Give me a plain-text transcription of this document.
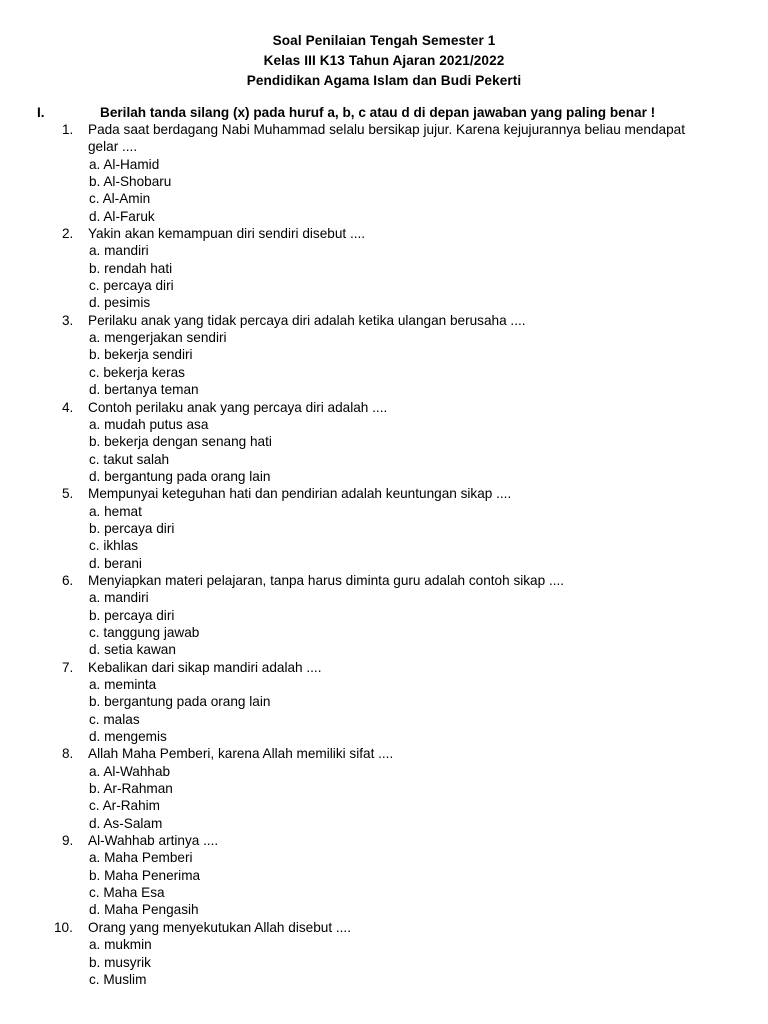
Soal Penilaian Tengah Semester 1
Kelas III K13 Tahun Ajaran 2021/2022
Pendidikan Agama Islam dan Budi Pekerti
I.	Berilah tanda silang (x) pada huruf a, b, c atau d di depan jawaban yang paling benar !
1.	Pada saat berdagang Nabi Muhammad selalu bersikap jujur. Karena kejujurannya beliau mendapat gelar ....
a. Al-Hamid
b. Al-Shobaru
c. Al-Amin
d. Al-Faruk
2.	Yakin akan kemampuan diri sendiri disebut ....
a. mandiri
b. rendah hati
c. percaya diri
d. pesimis
3.	Perilaku anak yang tidak percaya diri adalah ketika ulangan berusaha ....
a. mengerjakan sendiri
b. bekerja sendiri
c. bekerja keras
d. bertanya teman
4.	Contoh perilaku anak yang percaya diri adalah ....
a. mudah putus asa
b. bekerja dengan senang hati
c. takut salah
d. bergantung pada orang lain
5.	Mempunyai keteguhan hati dan pendirian adalah keuntungan sikap ....
a. hemat
b. percaya diri
c. ikhlas
d. berani
6.	Menyiapkan materi pelajaran, tanpa harus diminta guru adalah contoh sikap ....
a. mandiri
b. percaya diri
c. tanggung jawab
d. setia kawan
7.	Kebalikan dari sikap mandiri adalah ....
a. meminta
b. bergantung pada orang lain
c. malas
d. mengemis
8.	Allah Maha Pemberi, karena Allah memiliki sifat ....
a. Al-Wahhab
b. Ar-Rahman
c. Ar-Rahim
d. As-Salam
9.	Al-Wahhab artinya ....
a. Maha Pemberi
b. Maha Penerima
c. Maha Esa
d. Maha Pengasih
10.	Orang yang menyekutukan Allah disebut ....
a. mukmin
b. musyrik
c. Muslim
